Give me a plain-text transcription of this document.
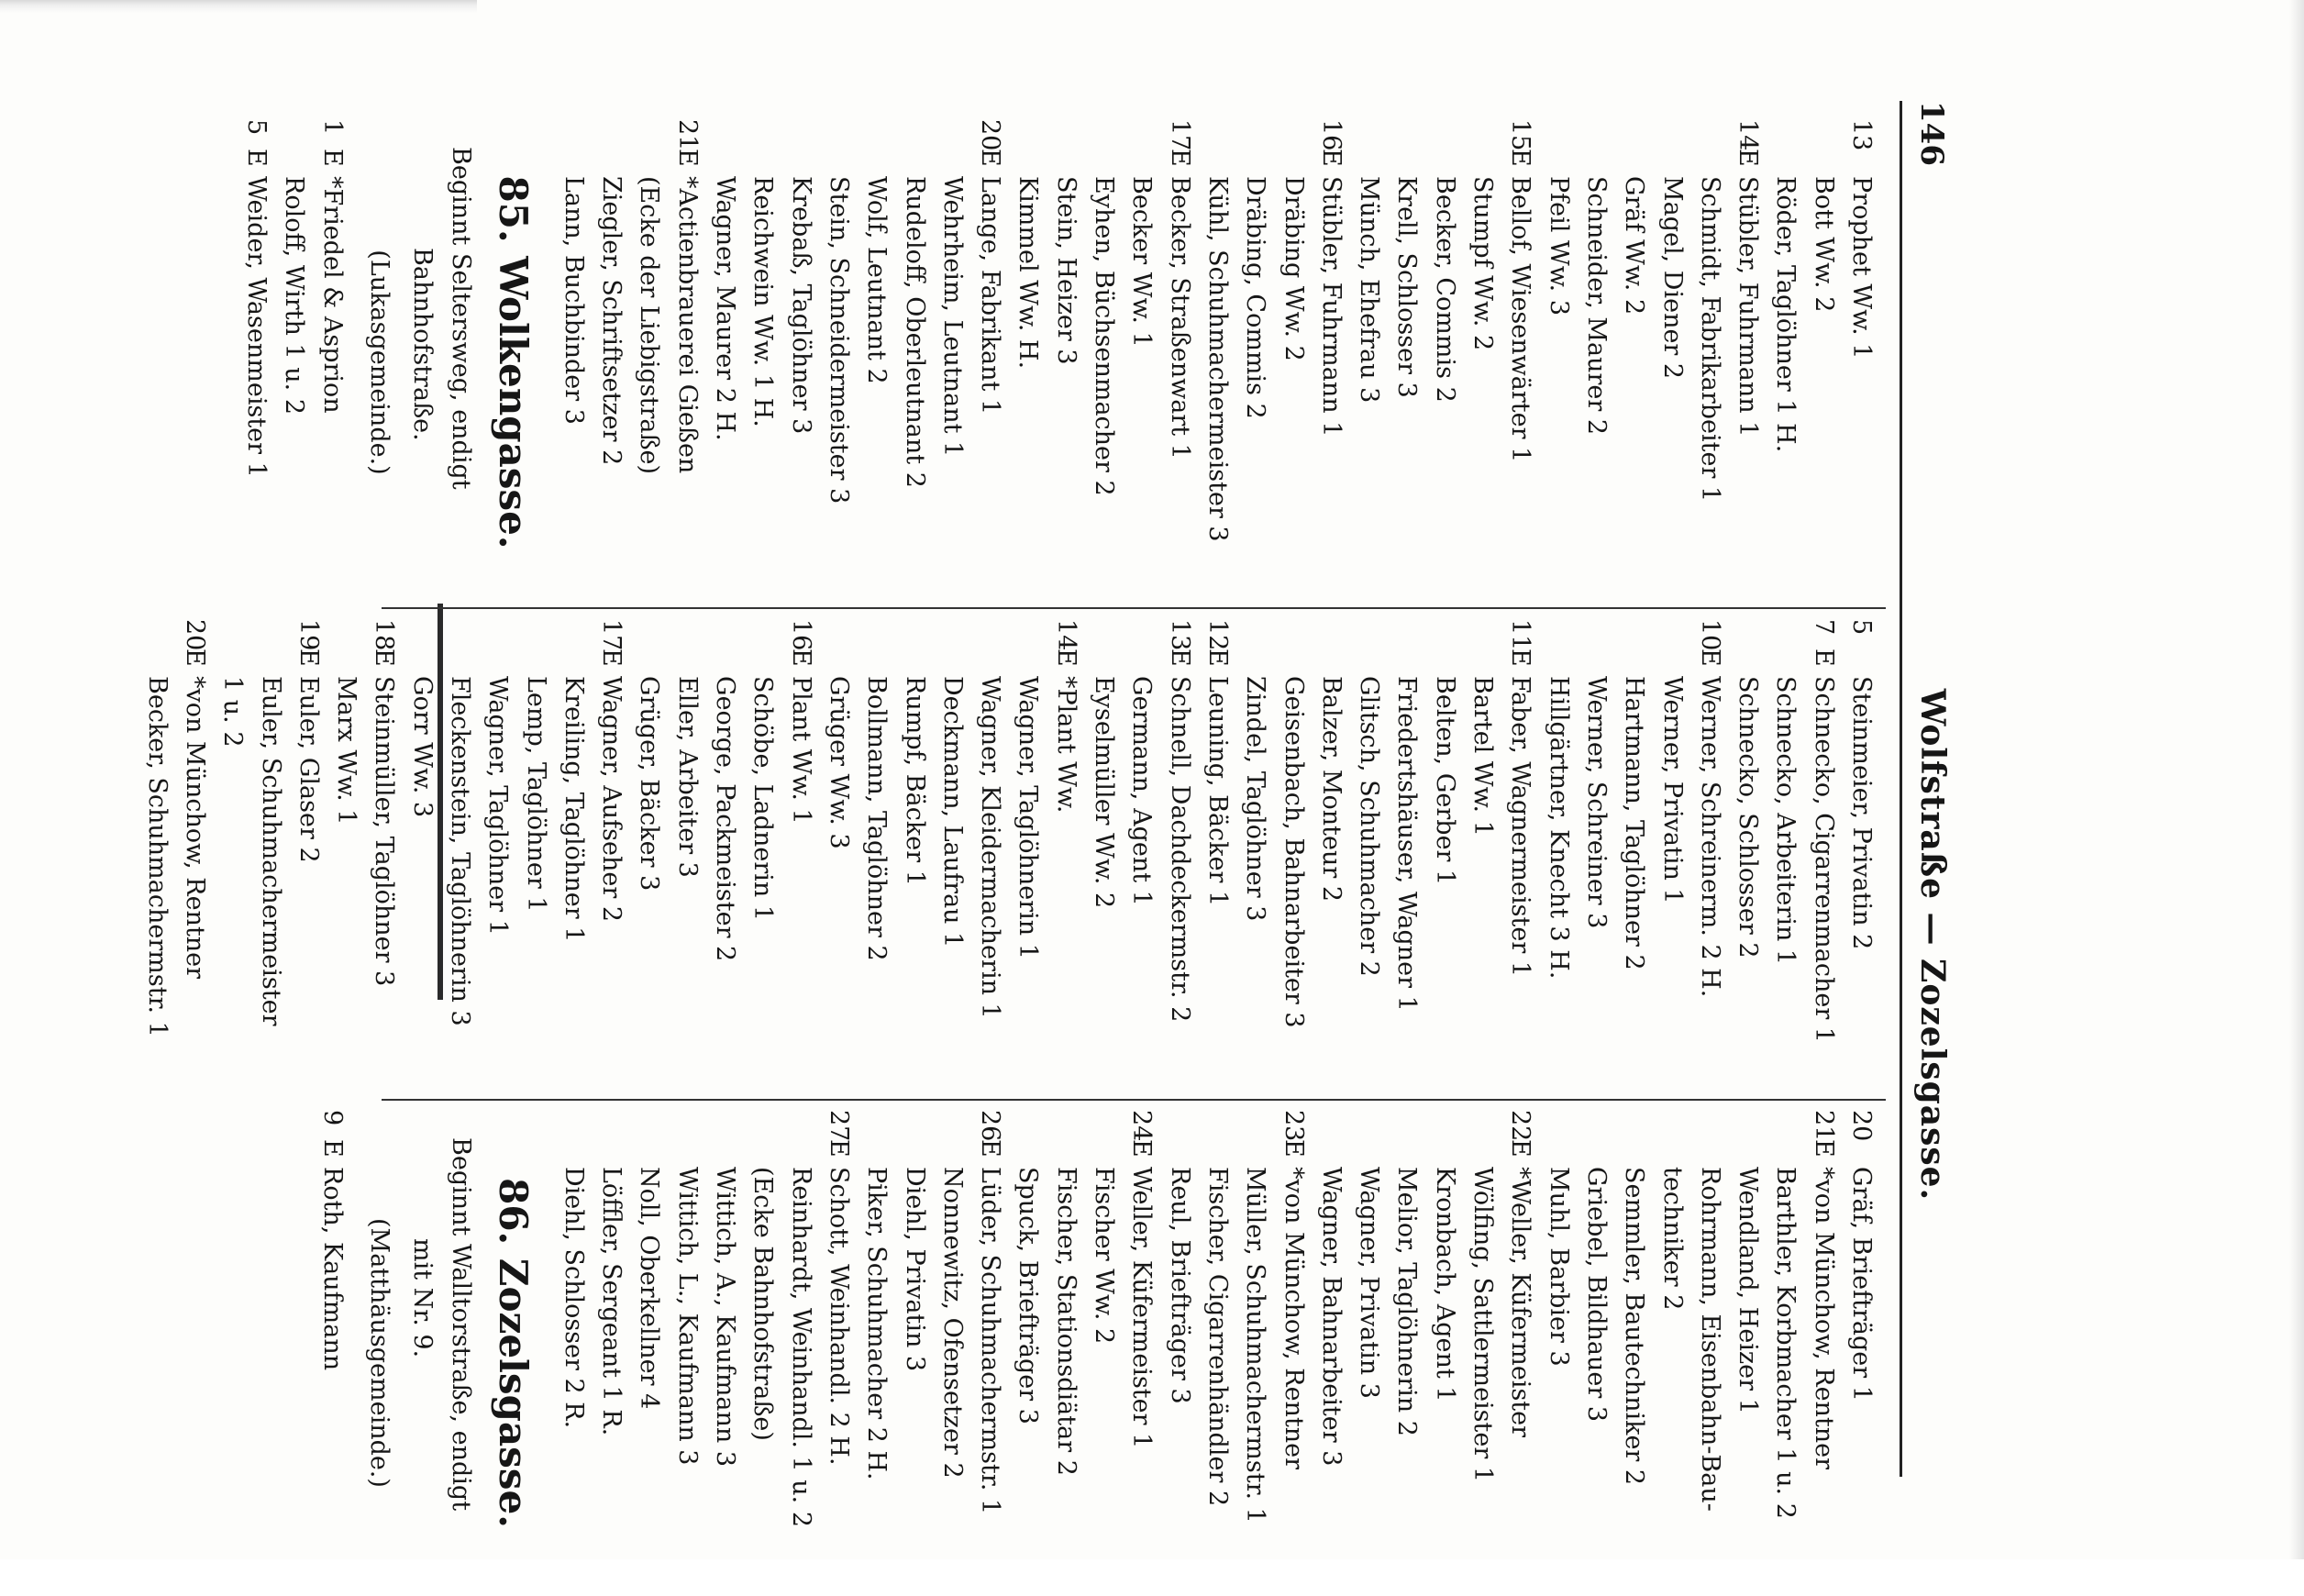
146
Wolfstraße — Zozelsgasse.
13
Prophet Ww. 1
Bott Ww. 2
Röder, Taglöhner 1 H.
14
E
Stübler, Fuhrmann 1
Schmidt, Fabrikarbeiter 1
Magel, Diener 2
Gräf Ww. 2
Schneider, Maurer 2
Pfeil Ww. 3
15
E
Bellof, Wiesenwärter 1
Stumpf Ww. 2
Becker, Commis 2
Krell, Schlosser 3
Münch, Ehefrau 3
16
E
Stübler, Fuhrmann 1
Dräbing Ww. 2
Dräbing, Commis 2
Kühl, Schuhmachermeister 3
17
E
Becker, Straßenwart 1
Becker Ww. 1
Eyhen, Büchsenmacher 2
Stein, Heizer 3
Kimmel Ww. H.
20
E
Lange, Fabrikant 1
Wehrheim, Leutnant 1
Rudeloff, Oberleutnant 2
Wolf, Leutnant 2
Stein, Schneidermeister 3
Krebaß, Taglöhner 3
Reichwein Ww. 1 H.
Wagner, Maurer 2 H.
21
E
*Actienbrauerei Gießen
(Ecke der Liebigstraße)
Ziegler, Schriftsetzer 2
Lann, Buchbinder 3
85. Wolkengasse.
Beginnt Seltersweg, endigt
Bahnhofstraße.
(Lukasgemeinde.)
1
E
*Friedel & Asprion
Roloff, Wirth 1 u. 2
5
E
Weider, Wasenmeister 1
5
Steinmeier, Privatin 2
7
E
Schnecko, Cigarrenmacher 1
Schnecko, Arbeiterin 1
Schnecko, Schlosser 2
10
E
Werner, Schreinerm. 2 H.
Werner, Privatin 1
Hartmann, Taglöhner 2
Werner, Schreiner 3
Hillgärtner, Knecht 3 H.
11
E
Faber, Wagnermeister 1
Bartel Ww. 1
Belten, Gerber 1
Friedertshäuser, Wagner 1
Glitsch, Schuhmacher 2
Balzer, Monteur 2
Geisenbach, Bahnarbeiter 3
Zindel, Taglöhner 3
12
E
Leuning, Bäcker 1
13
E
Schnell, Dachdeckermstr. 2
Germann, Agent 1
Eyselmüller Ww. 2
14
E
*Plant Ww.
Wagner, Taglöhnerin 1
Wagner, Kleidermacherin 1
Deckmann, Laufrau 1
Rumpf, Bäcker 1
Bollmann, Taglöhner 2
Grüger Ww. 3
16
E
Plant Ww. 1
Schöbe, Ladnerin 1
George, Packmeister 2
Eller, Arbeiter 3
Grüger, Bäcker 3
17
E
Wagner, Aufseher 2
Kreiling, Taglöhner 1
Lemp, Taglöhner 1
Wagner, Taglöhner 1
Fleckenstein, Taglöhnerin 3
Gorr Ww. 3
18
E
Steinmüller, Taglöhner 3
Marx Ww. 1
19
E
Euler, Glaser 2
Euler, Schuhmachermeister
1 u. 2
20
E
*von Münchow, Rentner
Becker, Schuhmachermstr. 1
20
Gräf, Briefträger 1
21
E
*von Münchow, Rentner
Barthler, Korbmacher 1 u. 2
Wendland, Heizer 1
Rohrmann, Eisenbahn-Bau-
techniker 2
Semmler, Bautechniker 2
Griebel, Bildhauer 3
Muhl, Barbier 3
22
E
*Weller, Küfermeister
Wölfing, Sattlermeister 1
Kronbach, Agent 1
Melior, Taglöhnerin 2
Wagner, Privatin 3
Wagner, Bahnarbeiter 3
23
E
*von Münchow, Rentner
Müller, Schuhmachermstr. 1
Fischer, Cigarrenhändler 2
Reul, Briefträger 3
24
E
Weller, Küfermeister 1
Fischer Ww. 2
Fischer, Stationsdiätar 2
Spuck, Briefträger 3
26
E
Lüder, Schuhmachermstr. 1
Nonnewitz, Ofensetzer 2
Diehl, Privatin 3
Piker, Schuhmacher 2 H.
27
E
Schott, Weinhandl. 2 H.
Reinhardt, Weinhandl. 1 u. 2
(Ecke Bahnhofstraße)
Wittich, A., Kaufmann 3
Wittich, L., Kaufmann 3
Noll, Oberkellner 4
Löffler, Sergeant 1 R.
Diehl, Schlosser 2 R.
86. Zozelsgasse.
Beginnt Walltorstraße, endigt
mit Nr. 9.
(Matthäusgemeinde.)
9
E
Roth, Kaufmann
